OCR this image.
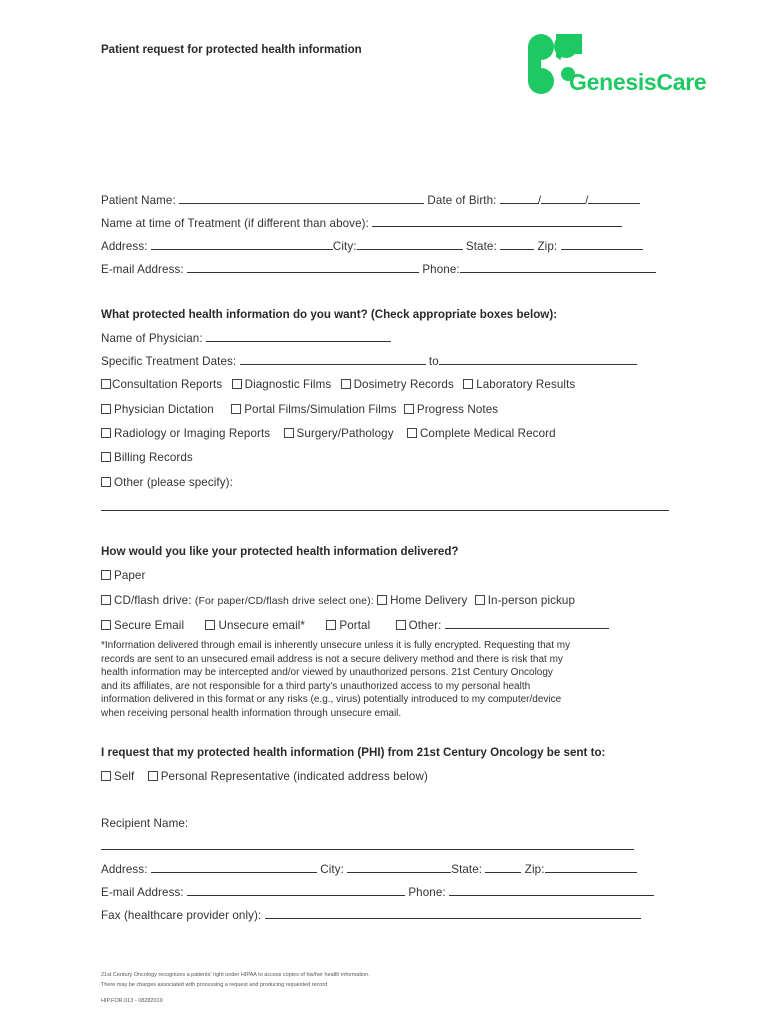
Patient request for protected health information
GenesisCare
Patient Name:	Date of Birth:	/	/
Name at time of Treatment (if different than above):
Address:	City:	State:	Zip:
E-mail Address:	Phone:
What protected health information do you want? (Check appropriate boxes below):
Name of Physician:
Specific Treatment Dates:	to
Consultation Reports Diagnostic Films Dosimetry Records Laboratory Results
Physician Dictation	Portal Films/Simulation Films Progress Notes
Radiology or Imaging Reports Surgery/Pathology Complete Medical Record
Billing Records
Other (please specify):
How would you like your protected health information delivered?
Paper
CD/flash drive: (For paper/CD/flash drive select one): Home Delivery In-person pickup
Secure Email	Unsecure email*	Portal	Other:

*Information delivered through email is inherently unsecure unless it is fully encrypted. Requesting that my

records are sent to an unsecured email address is not a secure delivery method and there is risk that my

health information may be intercepted and/or viewed by unauthorized persons. 21st Century Oncology

and its affiliates, are not responsible for a third party's unauthorized access to my personal health

information delivered in this format or any risks (e.g., virus) potentially introduced to my computer/device

when receiving personal health information through unsecure email.

I request that my protected health information (PHI) from 21st Century Oncology be sent to:
Self Personal Representative (indicated address below)
Recipient Name:
Address:	City:	State:	Zip:
E-mail Address:	Phone:
Fax (healthcare provider only):
21st Century Oncology recognizes a patients' right under HIPAA to access copies of his/her health information.
There may be charges associated with processing a request and producing requested record
HIP.FOR.013 - 08282019
